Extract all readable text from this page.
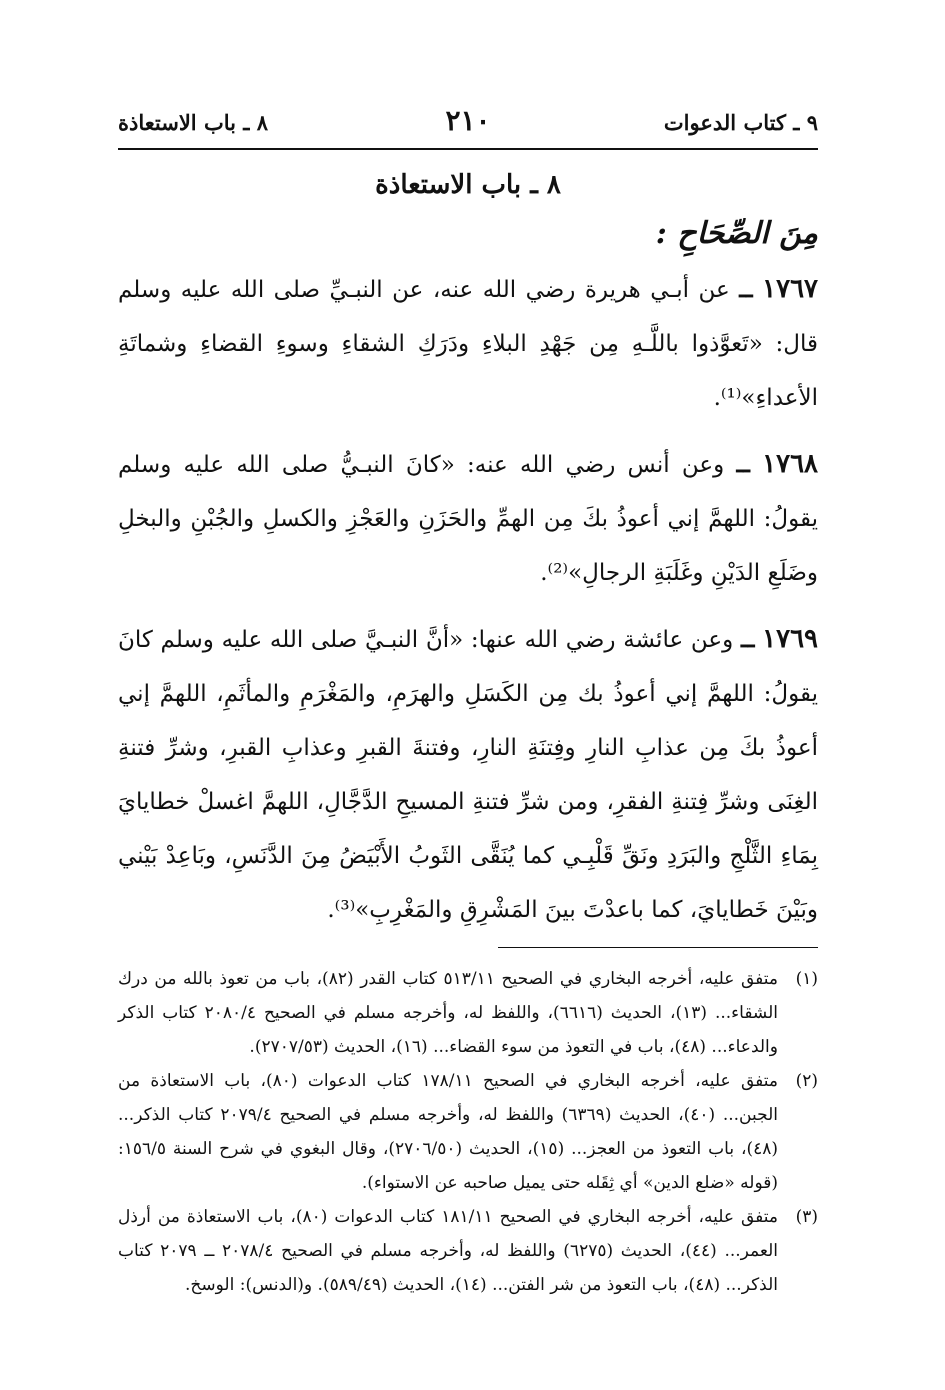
٩ ـ كتاب الدعوات
٢١٠
٨ ـ باب الاستعاذة
٨ ـ باب الاستعاذة
مِنَ الصِّحَاحِ :
١٧٦٧ ــ عن أبـي هريرة رضي الله عنه، عن النبـيِّ صلى الله عليه وسلم قال: «تَعوَّذوا باللَّـهِ مِن جَهْدِ البلاءِ ودَرَكِ الشقاءِ وسوءِ القضاءِ وشماتَةِ الأعداءِ»⁽¹⁾.
١٧٦٨ ــ وعن أنس رضي الله عنه: «كانَ النبـيُّ صلى الله عليه وسلم يقولُ: اللهمَّ إني أعوذُ بكَ مِن الهمِّ والحَزَنِ والعَجْزِ والكسلِ والجُبْنِ والبخلِ وضَلَعِ الدَيْنِ وغَلَبَةِ الرجالِ»⁽²⁾.
١٧٦٩ ــ وعن عائشة رضي الله عنها: «أنَّ النبـيَّ صلى الله عليه وسلم كانَ يقولُ: اللهمَّ إني أعوذُ بك مِن الكَسَلِ والهرَمِ، والمَغْرَمِ والمأثَمِ، اللهمَّ إني أعوذُ بكَ مِن عذابِ النارِ وفِتنَةِ النارِ، وفتنةَ القبرِ وعذابِ القبرِ، وشرِّ فتنةِ الغِنَى وشرِّ فِتنةِ الفقرِ، ومن شرِّ فتنةِ المسيحِ الدَّجَّالِ، اللهمَّ اغسلْ خطايايَ بِمَاءِ الثَّلْجِ والبَرَدِ ونَقِّ قَلْبِـي كما يُنَقَّى الثَوبُ الأَبْيَضُ مِنَ الدَّنَسِ، وبَاعِدْ بَيْني وبَيْنَ خَطايايَ، كما باعدْتَ بينَ المَشْرِقِ والمَغْرِبِ»⁽³⁾.
(١)
متفق عليه، أخرجه البخاري في الصحيح ٥١٣/١١ كتاب القدر (٨٢)، باب من تعوذ بالله من درك الشقاء... (١٣)، الحديث (٦٦١٦)، واللفظ له، وأخرجه مسلم في الصحيح ٢٠٨٠/٤ كتاب الذكر والدعاء... (٤٨)، باب في التعوذ من سوء القضاء... (١٦)، الحديث (٢٧٠٧/٥٣).
(٢)
متفق عليه، أخرجه البخاري في الصحيح ١٧٨/١١ كتاب الدعوات (٨٠)، باب الاستعاذة من الجبن... (٤٠)، الحديث (٦٣٦٩) واللفظ له، وأخرجه مسلم في الصحيح ٢٠٧٩/٤ كتاب الذكر... (٤٨)، باب التعوذ من العجز... (١٥)، الحديث (٢٧٠٦/٥٠)، وقال البغوي في شرح السنة ١٥٦/٥: (قوله «ضلع الدين» أي ثِقَله حتى يميل صاحبه عن الاستواء).
(٣)
متفق عليه، أخرجه البخاري في الصحيح ١٨١/١١ كتاب الدعوات (٨٠)، باب الاستعاذة من أرذل العمر... (٤٤)، الحديث (٦٢٧٥) واللفظ له، وأخرجه مسلم في الصحيح ٢٠٧٨/٤ ــ ٢٠٧٩ كتاب الذكر... (٤٨)، باب التعوذ من شر الفتن... (١٤)، الحديث (٥٨٩/٤٩). و(الدنس): الوسخ.
